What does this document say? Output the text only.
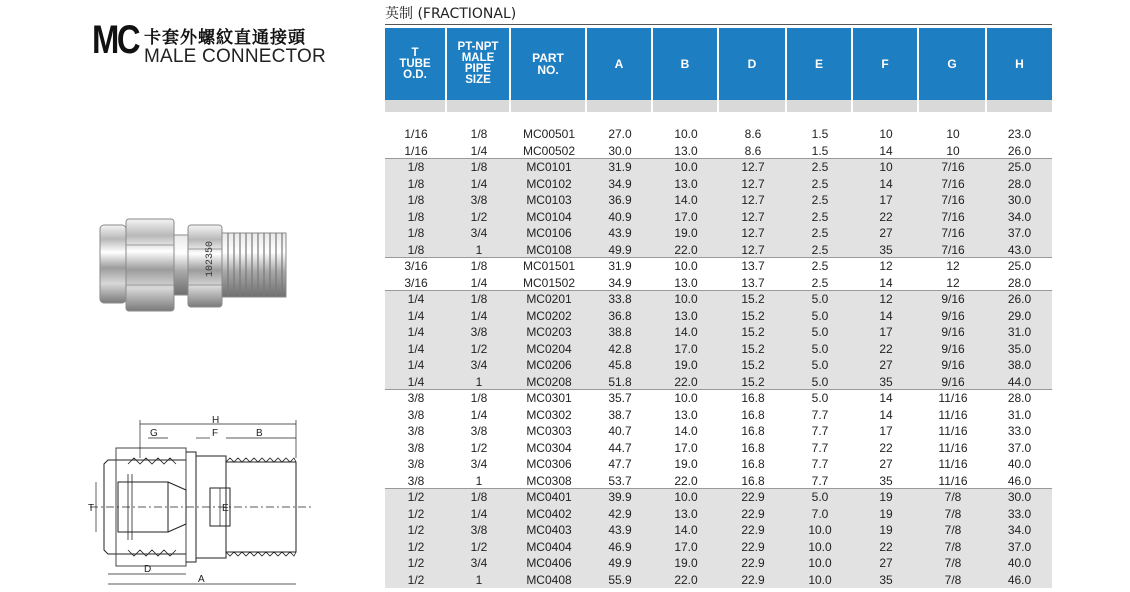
MC 卡套外螺紋直通接頭
MALE CONNECTOR
102350
H
G	F	B
T	E
D
A
英制 (FRACTIONAL)
T
TUBE
O.D.
PT-NPT
MALE
PIPE
SIZE
PART
NO.	A	B	D	E	F	G	H
1/16	1/8	MC00501	27.0	10.0	8.6	1.5	10	10	23.0
1/16	1/4	MC00502	30.0	13.0	8.6	1.5	14	10	26.0
1/8	1/8	MC0101	31.9	10.0	12.7	2.5	10	7/16	25.0
1/8	1/4	MC0102	34.9	13.0	12.7	2.5	14	7/16	28.0
1/8	3/8	MC0103	36.9	14.0	12.7	2.5	17	7/16	30.0
1/8	1/2	MC0104	40.9	17.0	12.7	2.5	22	7/16	34.0
1/8	3/4	MC0106	43.9	19.0	12.7	2.5	27	7/16	37.0
1/8	1	MC0108	49.9	22.0	12.7	2.5	35	7/16	43.0
3/16	1/8	MC01501	31.9	10.0	13.7	2.5	12	12	25.0
3/16	1/4	MC01502	34.9	13.0	13.7	2.5	14	12	28.0
1/4	1/8	MC0201	33.8	10.0	15.2	5.0	12	9/16	26.0
1/4	1/4	MC0202	36.8	13.0	15.2	5.0	14	9/16	29.0
1/4	3/8	MC0203	38.8	14.0	15.2	5.0	17	9/16	31.0
1/4	1/2	MC0204	42.8	17.0	15.2	5.0	22	9/16	35.0
1/4	3/4	MC0206	45.8	19.0	15.2	5.0	27	9/16	38.0
1/4	1	MC0208	51.8	22.0	15.2	5.0	35	9/16	44.0
3/8	1/8	MC0301	35.7	10.0	16.8	5.0	14	11/16	28.0
3/8	1/4	MC0302	38.7	13.0	16.8	7.7	14	11/16	31.0
3/8	3/8	MC0303	40.7	14.0	16.8	7.7	17	11/16	33.0
3/8	1/2	MC0304	44.7	17.0	16.8	7.7	22	11/16	37.0
3/8	3/4	MC0306	47.7	19.0	16.8	7.7	27	11/16	40.0
3/8	1	MC0308	53.7	22.0	16.8	7.7	35	11/16	46.0
1/2	1/8	MC0401	39.9	10.0	22.9	5.0	19	7/8	30.0
1/2	1/4	MC0402	42.9	13.0	22.9	7.0	19	7/8	33.0
1/2	3/8	MC0403	43.9	14.0	22.9	10.0	19	7/8	34.0
1/2	1/2	MC0404	46.9	17.0	22.9	10.0	22	7/8	37.0
1/2	3/4	MC0406	49.9	19.0	22.9	10.0	27	7/8	40.0
1/2	1	MC0408	55.9	22.0	22.9	10.0	35	7/8	46.0
